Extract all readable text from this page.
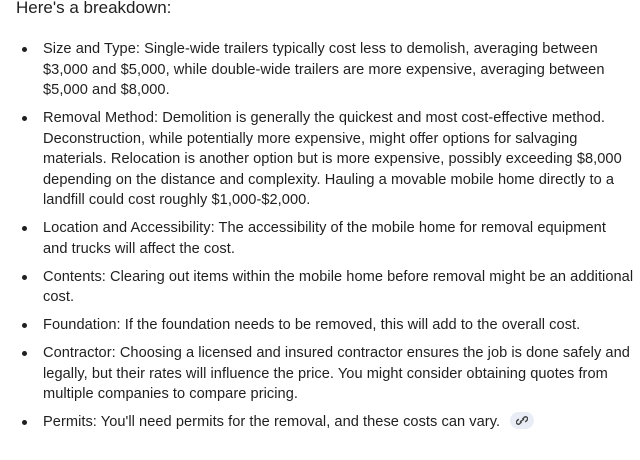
Here's a breakdown:
Size and Type: Single-wide trailers typically cost less to demolish, averaging between $3,000 and $5,000, while double-wide trailers are more expensive, averaging between $5,000 and $8,000.
Removal Method: Demolition is generally the quickest and most cost-effective method. Deconstruction, while potentially more expensive, might offer options for salvaging materials. Relocation is another option but is more expensive, possibly exceeding $8,000 depending on the distance and complexity. Hauling a movable mobile home directly to a landfill could cost roughly $1,000-$2,000.
Location and Accessibility: The accessibility of the mobile home for removal equipment and trucks will affect the cost.
Contents: Clearing out items within the mobile home before removal might be an additional cost.
Foundation: If the foundation needs to be removed, this will add to the overall cost.
Contractor: Choosing a licensed and insured contractor ensures the job is done safely and legally, but their rates will influence the price. You might consider obtaining quotes from multiple companies to compare pricing.
Permits: You'll need permits for the removal, and these costs can vary.
